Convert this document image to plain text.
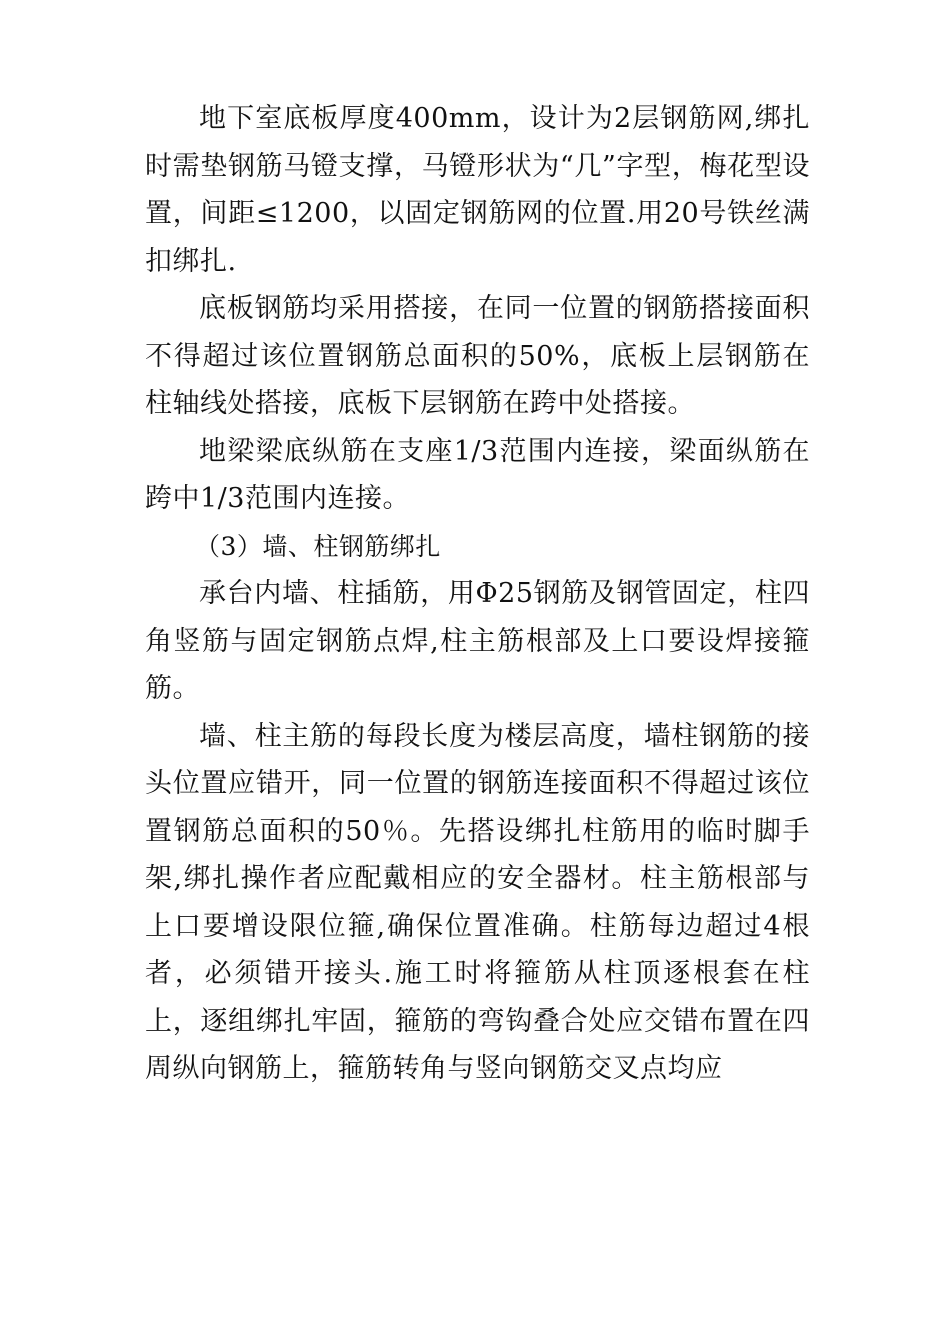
地下室底板厚度400mm，设计为2层钢筋网,绑扎时需垫钢筋马镫支撑，马镫形状为“几”字型，梅花型设置，间距≤1200，以固定钢筋网的位置.用20号铁丝满扣绑扎.

底板钢筋均采用搭接，在同一位置的钢筋搭接面积不得超过该位置钢筋总面积的50%，底板上层钢筋在柱轴线处搭接，底板下层钢筋在跨中处搭接。

地梁梁底纵筋在支座1/3范围内连接，梁面纵筋在跨中1/3范围内连接。

（3）墙、柱钢筋绑扎

承台内墙、柱插筋，用Φ25钢筋及钢管固定，柱四角竖筋与固定钢筋点焊,柱主筋根部及上口要设焊接箍筋。

墙、柱主筋的每段长度为楼层高度，墙柱钢筋的接头位置应错开，同一位置的钢筋连接面积不得超过该位置钢筋总面积的50％。先搭设绑扎柱筋用的临时脚手架,绑扎操作者应配戴相应的安全器材。柱主筋根部与上口要增设限位箍,确保位置准确。柱筋每边超过4根者，必须错开接头.施工时将箍筋从柱顶逐根套在柱上，逐组绑扎牢固，箍筋的弯钩叠合处应交错布置在四周纵向钢筋上，箍筋转角与竖向钢筋交叉点均应
